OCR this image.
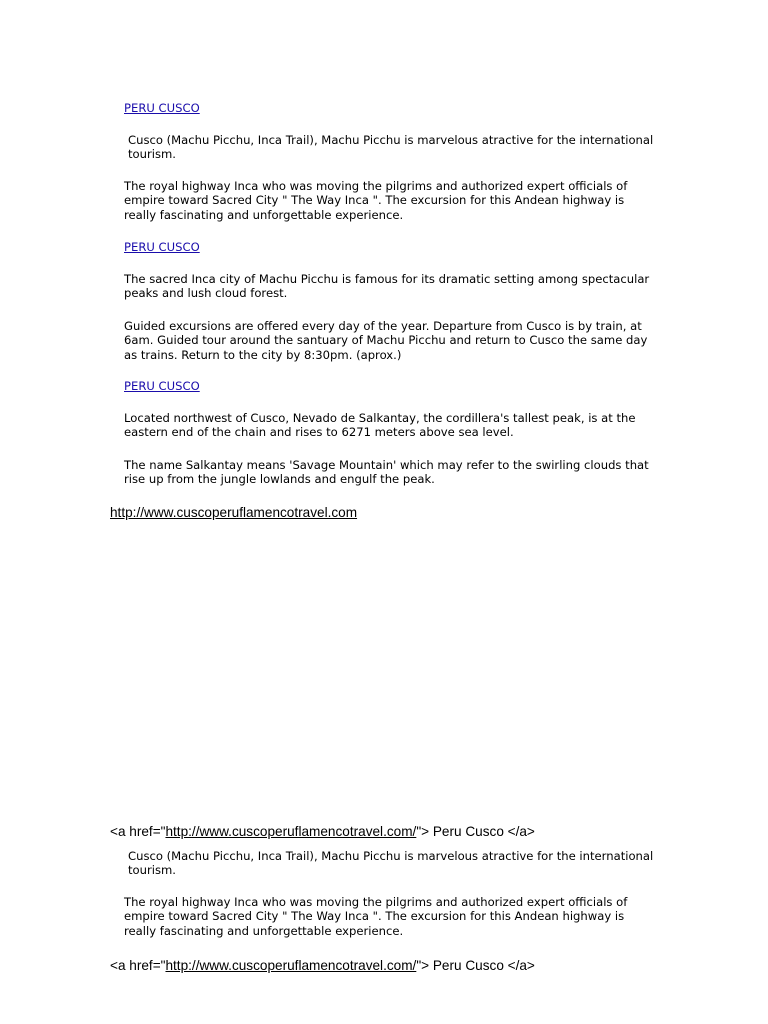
PERU CUSCO
Cusco (Machu Picchu, Inca Trail), Machu Picchu is marvelous atractive for the international tourism.
The royal highway Inca who was moving the pilgrims and authorized expert officials of empire toward Sacred City " The Way Inca ". The excursion for this Andean highway is really fascinating and unforgettable experience.
PERU CUSCO
The sacred Inca city of Machu Picchu is famous for its dramatic setting among spectacular peaks and lush cloud forest.
Guided excursions are offered every day of the year. Departure from Cusco is by train, at 6am. Guided tour around the santuary of Machu Picchu and return to Cusco the same day as trains. Return to the city by 8:30pm. (aprox.)
PERU CUSCO
Located northwest of Cusco, Nevado de Salkantay, the cordillera's tallest peak, is at the eastern end of the chain and rises to 6271 meters above sea level.
The name Salkantay means 'Savage Mountain' which may refer to the swirling clouds that rise up from the jungle lowlands and engulf the peak.
http://www.cuscoperuflamencotravel.com
<a href="http://www.cuscoperuflamencotravel.com/"> Peru Cusco </a>
Cusco (Machu Picchu, Inca Trail), Machu Picchu is marvelous atractive for the international tourism.
The royal highway Inca who was moving the pilgrims and authorized expert officials of empire toward Sacred City " The Way Inca ". The excursion for this Andean highway is really fascinating and unforgettable experience.
<a href="http://www.cuscoperuflamencotravel.com/"> Peru Cusco </a>
